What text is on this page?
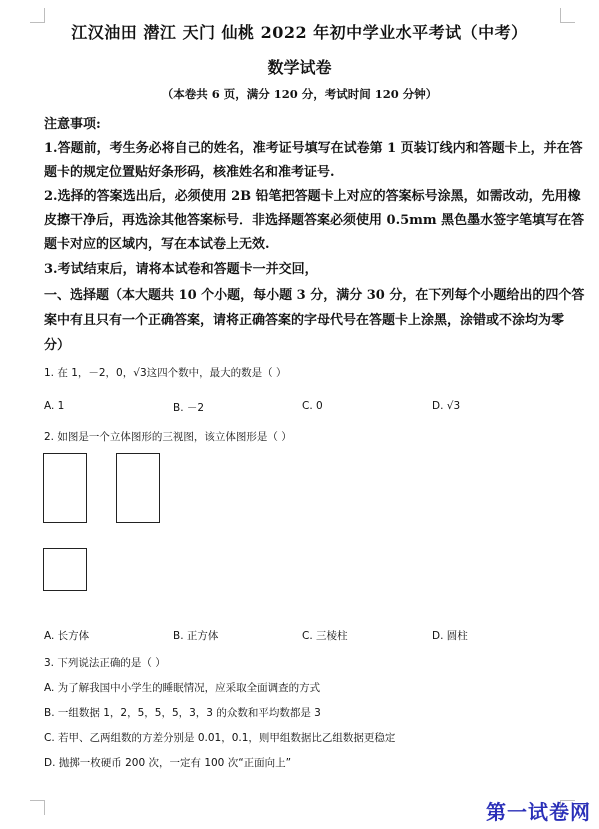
江汉油田 潜江 天门 仙桃 2022 年初中学业水平考试（中考）
数学试卷
（本卷共 6 页，满分 120 分，考试时间 120 分钟）
注意事项:
1.答题前，考生务必将自己的姓名，准考证号填写在试卷第 1 页装订线内和答题卡上，并在答
题卡的规定位置贴好条形码，核准姓名和准考证号.
2.选择的答案选出后，必须使用 2B 铅笔把答题卡上对应的答案标号涂黑，如需改动，先用橡
皮擦干净后，再选涂其他答案标号．非选择题答案必须使用 0.5mm 黑色墨水签字笔填写在答
题卡对应的区域内，写在本试卷上无效.
3.考试结束后，请将本试卷和答题卡一并交回，
一、选择题（本大题共 10 个小题，每小题 3 分，满分 30 分，在下列每个小题给出的四个答
案中有且只有一个正确答案，请将正确答案的字母代号在答题卡上涂黑，涂错或不涂均为零
分）
1. 在 1，－2，0，√3这四个数中，最大的数是（ ）
A. 1	B. －2	C. 0	D. √3
2. 如图是一个立体图形的三视图，该立体图形是（ ）
A. 长方体	B. 正方体	C. 三棱柱	D. 圆柱
3. 下列说法正确的是（ ）
A. 为了解我国中小学生的睡眠情况，应采取全面调查的方式
B. 一组数据 1，2，5，5，5，3，3 的众数和平均数都是 3
C. 若甲、乙两组数的方差分别是 0.01，0.1，则甲组数据比乙组数据更稳定
D. 抛掷一枚硬币 200 次，一定有 100 次“正面向上”
第一试卷网
